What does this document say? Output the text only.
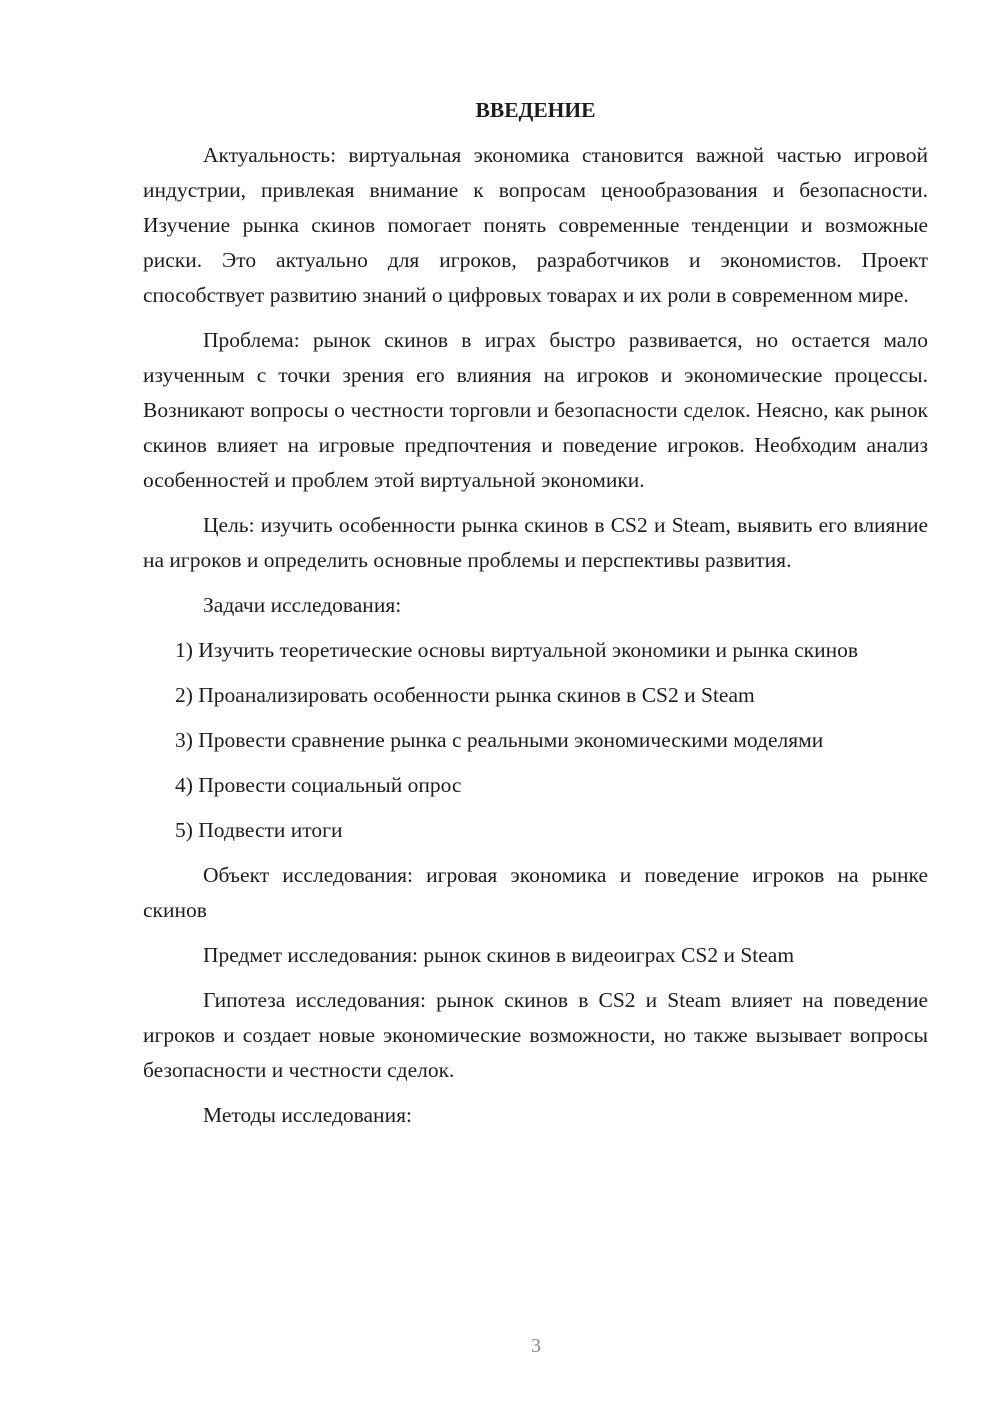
ВВЕДЕНИЕ

Актуальность: виртуальная экономика становится важной частью игровой индустрии, привлекая внимание к вопросам ценообразования и безопасности. Изучение рынка скинов помогает понять современные тенденции и возможные риски. Это актуально для игроков, разработчиков и экономистов. Проект способствует развитию знаний о цифровых товарах и их роли в современном мире.

Проблема: рынок скинов в играх быстро развивается, но остается мало изученным с точки зрения его влияния на игроков и экономические процессы. Возникают вопросы о честности торговли и безопасности сделок. Неясно, как рынок скинов влияет на игровые предпочтения и поведение игроков. Необходим анализ особенностей и проблем этой виртуальной экономики.

Цель: изучить особенности рынка скинов в CS2 и Steam, выявить его влияние на игроков и определить основные проблемы и перспективы развития.

Задачи исследования:

1) Изучить теоретические основы виртуальной экономики и рынка скинов

2) Проанализировать особенности рынка скинов в CS2 и Steam

3) Провести сравнение рынка с реальными экономическими моделями

4) Провести социальный опрос

5) Подвести итоги

Объект исследования: игровая экономика и поведение игроков на рынке скинов

Предмет исследования: рынок скинов в видеоиграх CS2 и Steam

Гипотеза исследования: рынок скинов в CS2 и Steam влияет на поведение игроков и создает новые экономические возможности, но также вызывает вопросы безопасности и честности сделок.

Методы исследования:

3
